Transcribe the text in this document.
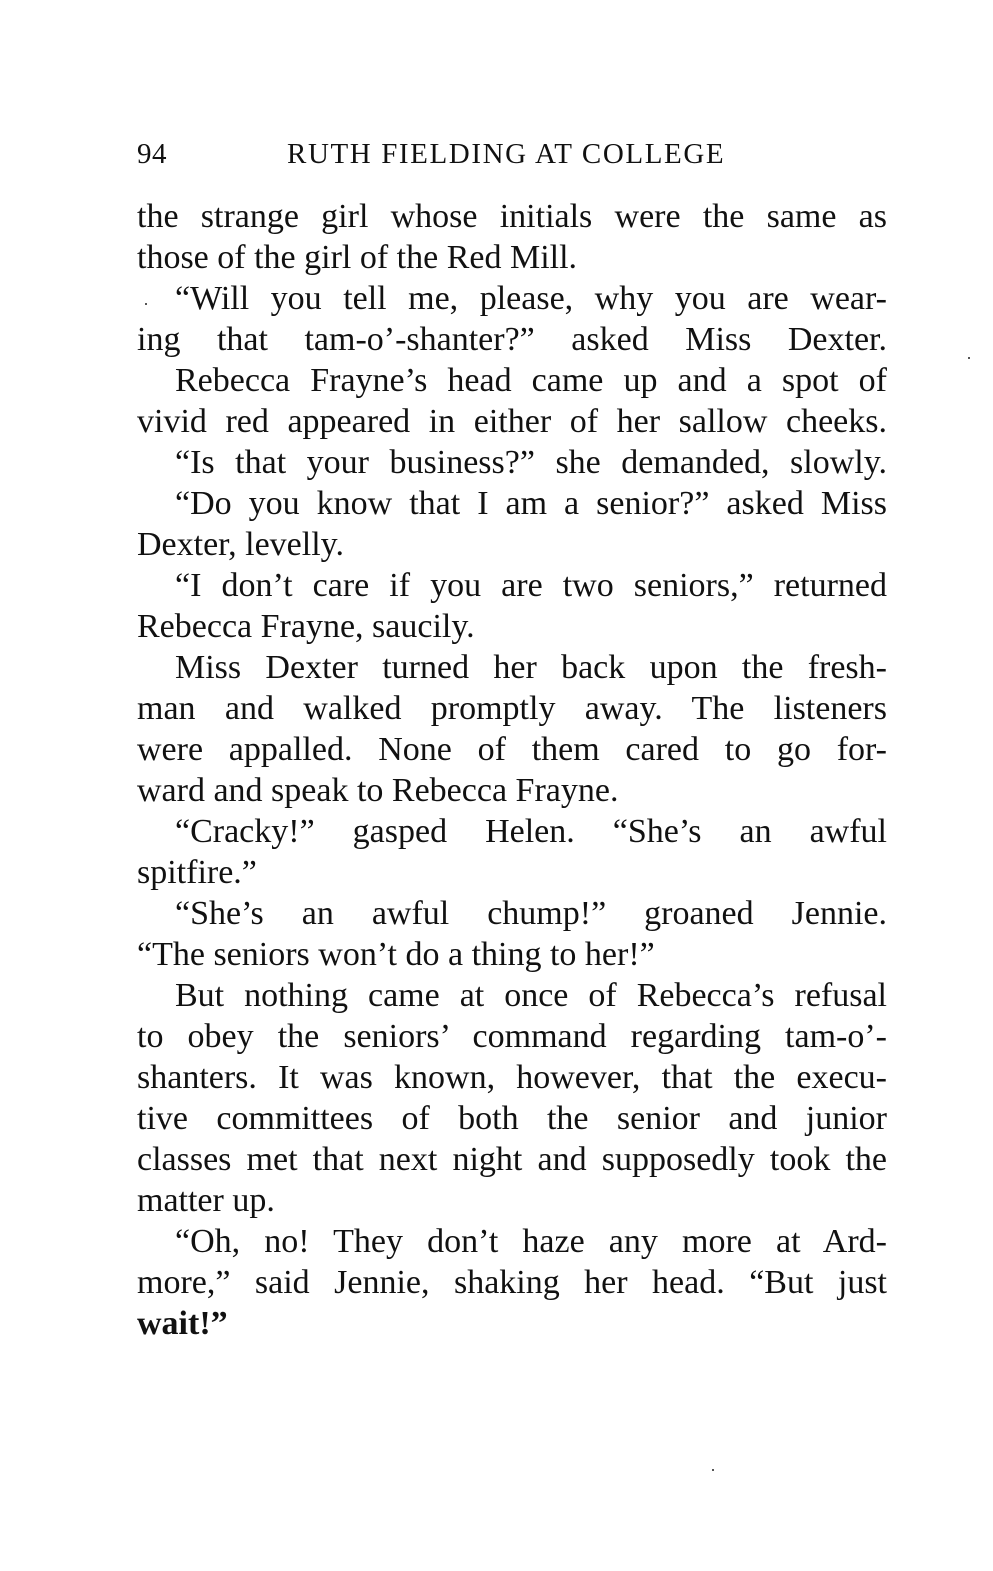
94	RUTH FIELDING AT COLLEGE
the strange girl whose initials were the same as
those of the girl of the Red Mill.
“Will you tell me, please, why you are wear-
ing that tam-o’-shanter?” asked Miss Dexter.
Rebecca Frayne’s head came up and a spot of
vivid red appeared in either of her sallow cheeks.
“Is that your business?” she demanded, slowly.
“Do you know that I am a senior?” asked Miss
Dexter, levelly.
“I don’t care if you are two seniors,” returned
Rebecca Frayne, saucily.
Miss Dexter turned her back upon the fresh-
man and walked promptly away. The listeners
were appalled. None of them cared to go for-
ward and speak to Rebecca Frayne.
“Cracky!” gasped Helen. “She’s an awful
spitfire.”
“She’s an awful chump!” groaned Jennie.
“The seniors won’t do a thing to her!”
But nothing came at once of Rebecca’s refusal
to obey the seniors’ command regarding tam-o’-
shanters. It was known, however, that the execu-
tive committees of both the senior and junior
classes met that next night and supposedly took the
matter up.
“Oh, no! They don’t haze any more at Ard-
more,” said Jennie, shaking her head. “But just
wait!”
